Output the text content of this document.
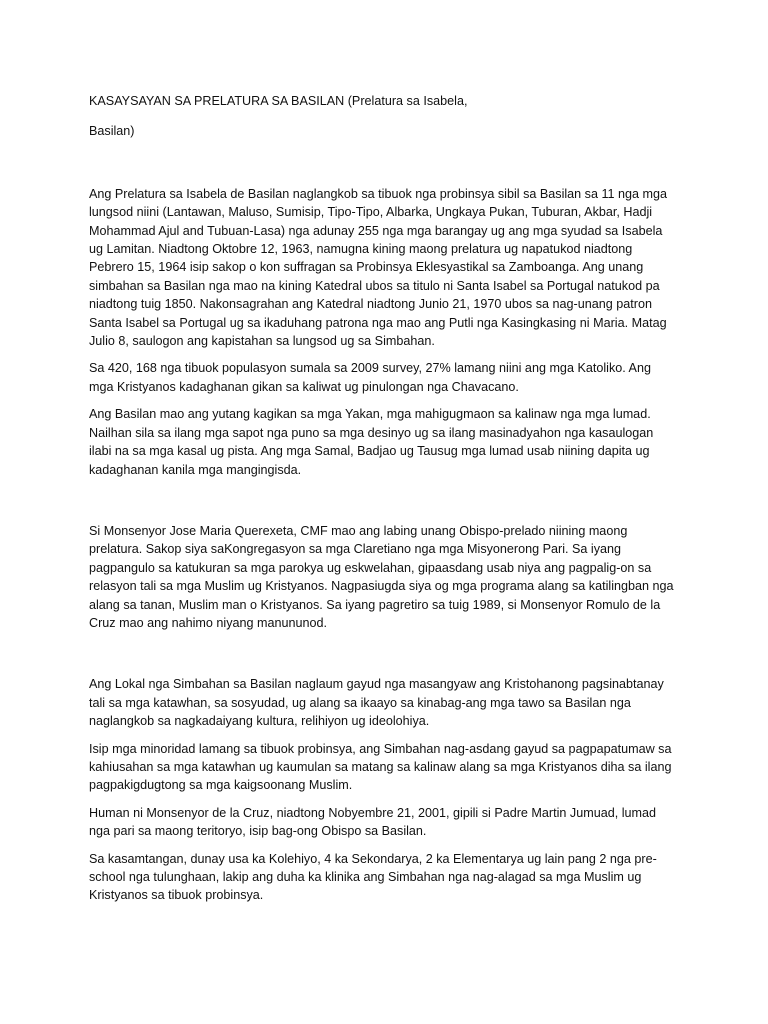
KASAYSAYAN SA PRELATURA SA BASILAN (Prelatura sa Isabela,

Basilan)

Ang Prelatura sa Isabela de Basilan naglangkob sa tibuok nga probinsya sibil sa Basilan sa 11 nga mga lungsod niini (Lantawan, Maluso, Sumisip, Tipo-Tipo, Albarka, Ungkaya Pukan, Tuburan, Akbar, Hadji Mohammad Ajul and Tubuan-Lasa) nga adunay 255 nga mga barangay ug ang mga syudad sa Isabela ug Lamitan. Niadtong Oktobre 12, 1963, namugna kining maong prelatura ug napatukod niadtong Pebrero 15, 1964 isip sakop o kon suffragan sa Probinsya Eklesyastikal sa Zamboanga. Ang unang simbahan sa Basilan nga mao na kining Katedral ubos sa titulo ni Santa Isabel sa Portugal natukod pa niadtong tuig 1850. Nakonsagrahan ang Katedral niadtong Junio 21, 1970 ubos sa nag-unang patron Santa Isabel sa Portugal ug sa ikaduhang patrona nga mao ang Putli nga Kasingkasing ni Maria. Matag Julio 8, saulogon ang kapistahan sa lungsod ug sa Simbahan.

Sa 420, 168 nga tibuok populasyon sumala sa 2009 survey, 27% lamang niini ang mga Katoliko. Ang mga Kristyanos kadaghanan gikan sa kaliwat ug pinulongan nga Chavacano.

Ang Basilan mao ang yutang kagikan sa mga Yakan, mga mahigugmaon sa kalinaw nga mga lumad. Nailhan sila sa ilang mga sapot nga puno sa mga desinyo ug sa ilang masinadyahon nga kasaulogan ilabi na sa mga kasal ug pista. Ang mga Samal, Badjao ug Tausug mga lumad usab niining dapita ug kadaghanan kanila mga mangingisda.

Si Monsenyor Jose Maria Querexeta, CMF mao ang labing unang Obispo-prelado niining maong prelatura. Sakop siya saKongregasyon sa mga Claretiano nga mga Misyonerong Pari. Sa iyang pagpangulo sa katukuran sa mga parokya ug eskwelahan, gipaasdang usab niya ang pagpalig-on sa relasyon tali sa mga Muslim ug Kristyanos. Nagpasiugda siya og mga programa alang sa katilingban nga alang sa tanan, Muslim man o Kristyanos. Sa iyang pagretiro sa tuig 1989, si Monsenyor Romulo de la Cruz mao ang nahimo niyang manununod.

Ang Lokal nga Simbahan sa Basilan naglaum gayud nga masangyaw ang Kristohanong pagsinabtanay tali sa mga katawhan, sa sosyudad, ug alang sa ikaayo sa kinabag-ang mga tawo sa Basilan nga naglangkob sa nagkadaiyang kultura, relihiyon ug ideolohiya.

Isip mga minoridad lamang sa tibuok probinsya, ang Simbahan nag-asdang gayud sa pagpapatumaw sa kahiusahan sa mga katawhan ug kaumulan sa matang sa kalinaw alang sa mga Kristyanos diha sa ilang pagpakigdugtong sa mga kaigsoonang Muslim.

Human ni Monsenyor de la Cruz, niadtong Nobyembre 21, 2001, gipili si Padre Martin Jumuad, lumad nga pari sa maong teritoryo, isip bag-ong Obispo sa Basilan.

Sa kasamtangan, dunay usa ka Kolehiyo, 4 ka Sekondarya, 2 ka Elementarya ug lain pang 2 nga pre-school nga tulunghaan, lakip ang duha ka klinika ang Simbahan nga nag-alagad sa mga Muslim ug Kristyanos sa tibuok probinsya.
